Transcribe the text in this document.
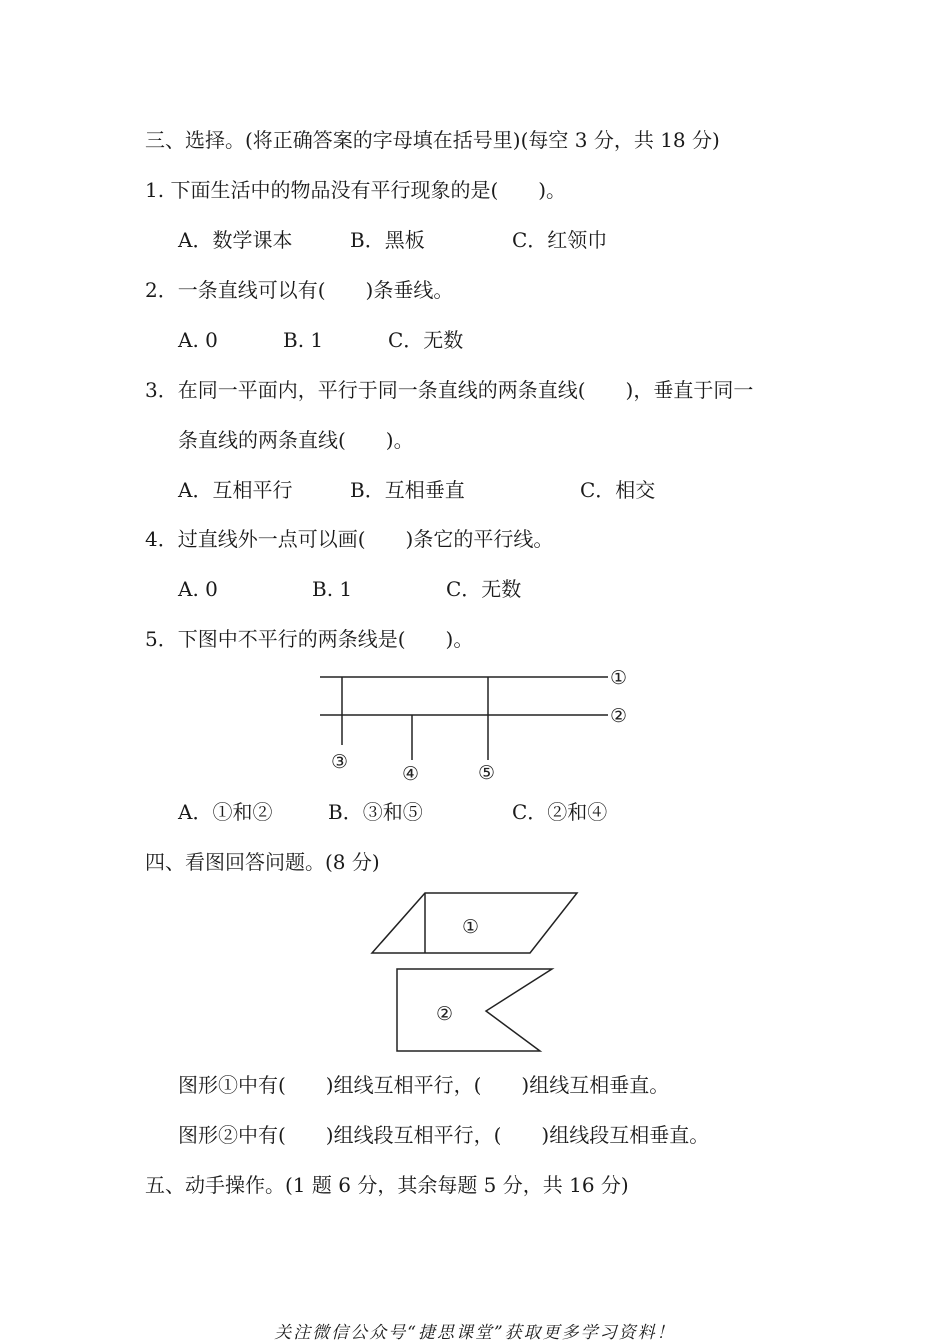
三、选择。(将正确答案的字母填在括号里)(每空 3 分，共 18 分)
1. 下面生活中的物品没有平行现象的是(　　)。
A．数学课本	B．黑板	C．红领巾
2．一条直线可以有(　　)条垂线。
A. 0	B. 1	C．无数
3．在同一平面内，平行于同一条直线的两条直线(　　)，垂直于同一
条直线的两条直线(　　)。
A．互相平行	B．互相垂直	C．相交
4．过直线外一点可以画(　　)条它的平行线。
A. 0	B. 1	C．无数
5．下图中不平行的两条线是(　　)。
①
②
③
④	⑤
①
②
A．①和②	B．③和⑤	C．②和④
四、看图回答问题。(8 分)
图形①中有(　　)组线互相平行，(　　)组线互相垂直。
图形②中有(　　)组线段互相平行，(　　)组线段互相垂直。
五、动手操作。(1 题 6 分，其余每题 5 分，共 16 分)
关注微信公众号“捷思课堂”获取更多学习资料！
